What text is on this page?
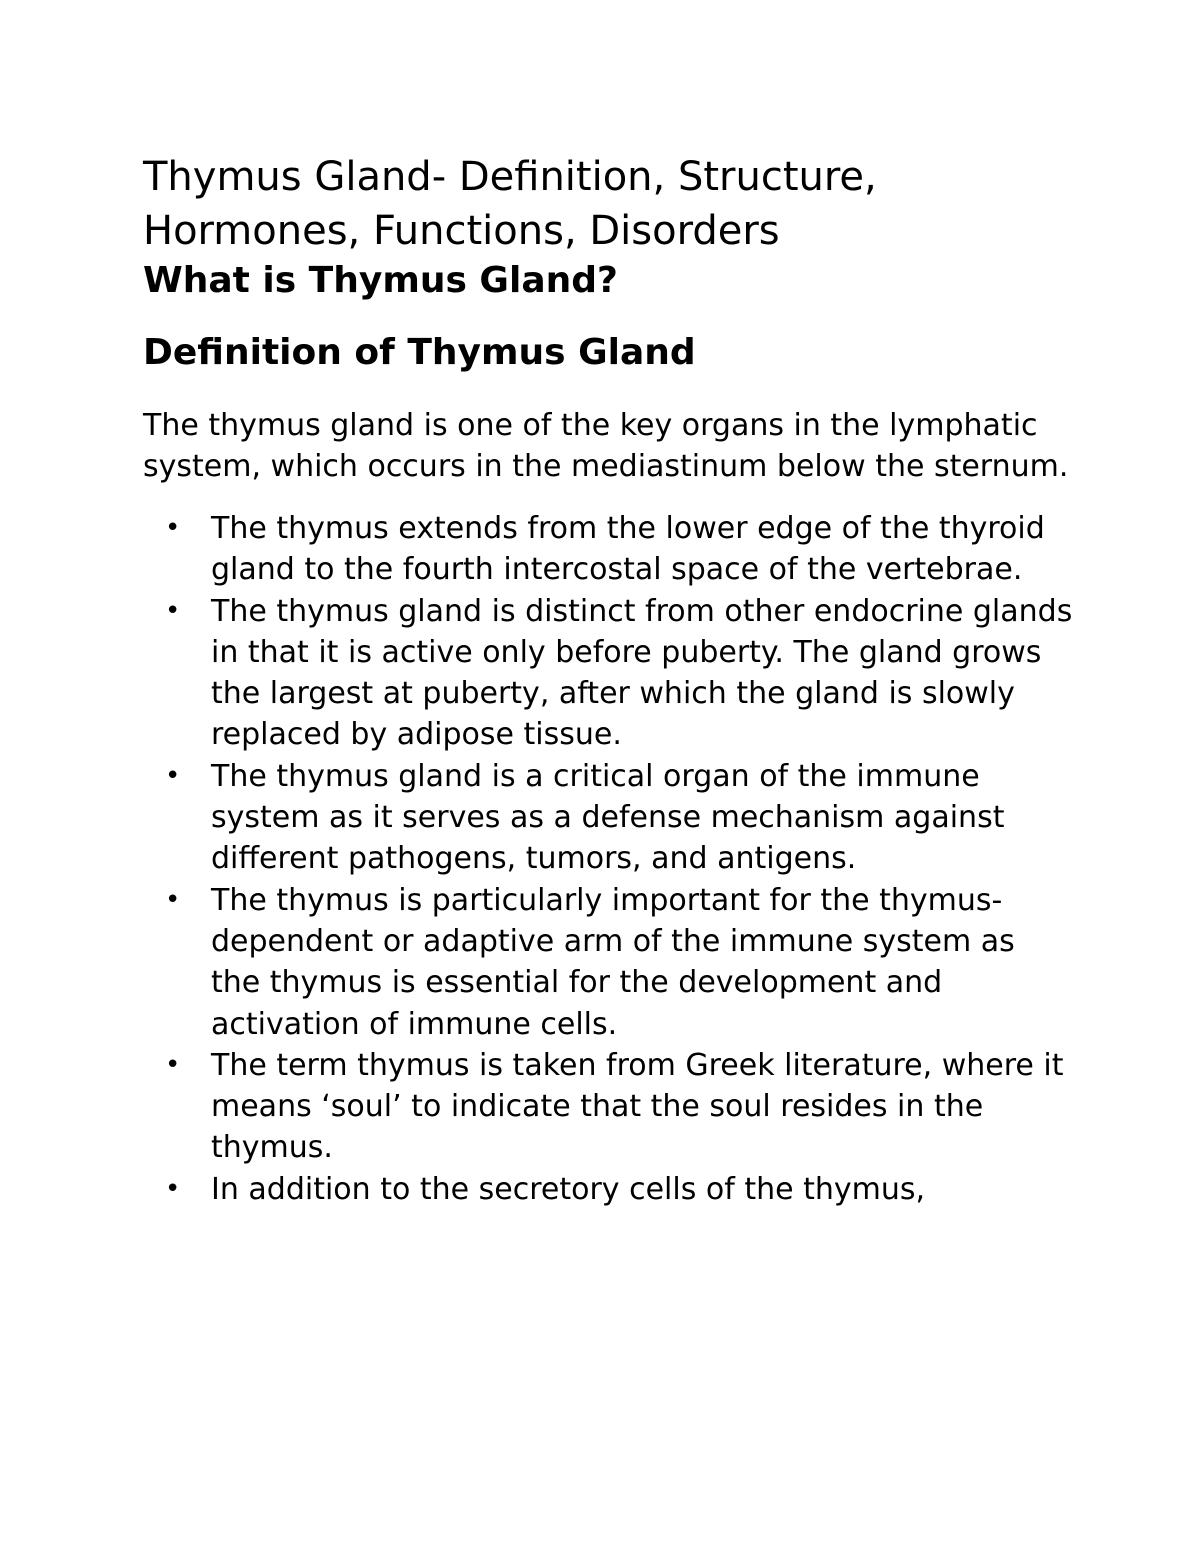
Thymus Gland- Definition, Structure,
Hormones, Functions, Disorders
What is Thymus Gland?
Definition of Thymus Gland

The thymus gland is one of the key organs in the lymphatic system, which occurs in the mediastinum below the sternum.

• The thymus extends from the lower edge of the thyroid gland to the fourth intercostal space of the vertebrae.
• The thymus gland is distinct from other endocrine glands in that it is active only before puberty. The gland grows the largest at puberty, after which the gland is slowly replaced by adipose tissue.
• The thymus gland is a critical organ of the immune system as it serves as a defense mechanism against different pathogens, tumors, and antigens.
• The thymus is particularly important for the thymus-dependent or adaptive arm of the immune system as the thymus is essential for the development and activation of immune cells.
• The term thymus is taken from Greek literature, where it means ‘soul’ to indicate that the soul resides in the thymus.
• In addition to the secretory cells of the thymus,
